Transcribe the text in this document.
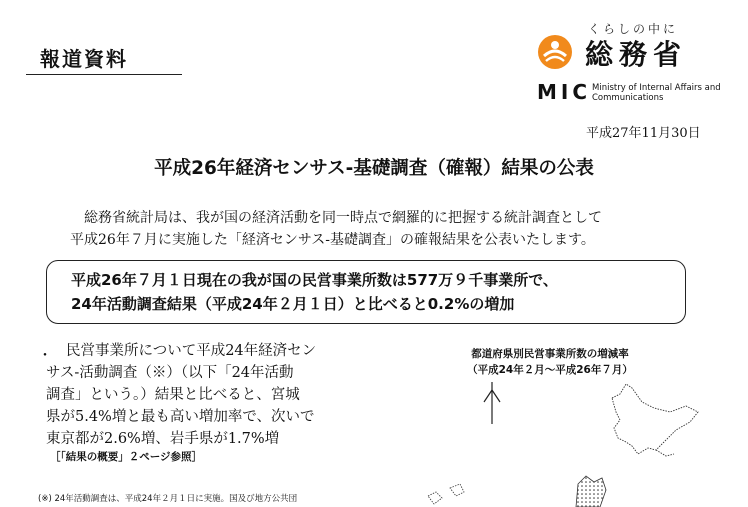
報道資料
くらしの中に
総務省
MIC Ministry of Internal Affairs and Communications
平成27年11月30日
平成26年経済センサス‐基礎調査（確報）結果の公表

総務省統計局は、我が国の経済活動を同一時点で網羅的に把握する統計調査として

平成26年７月に実施した「経済センサス‐基礎調査」の確報結果を公表いたします。

平成26年７月１日現在の我が国の民営事業所数は577万９千事業所で、
24年活動調査結果（平成24年２月１日）と比べると0.2%の増加
・ 民営事業所について平成24年経済セン

サス‐活動調査（※）（以下「24年活動

調査」という。）結果と比べると、宮城

県が5.4%増と最も高い増加率で、次いで

東京都が2.6%増、岩手県が1.7%増

［「結果の概要」２ページ参照］
(※) 24年活動調査は、平成24年２月１日に実施。国及び地方公共団
都道府県別民営事業所数の増減率
（平成24年２月～平成26年７月）
